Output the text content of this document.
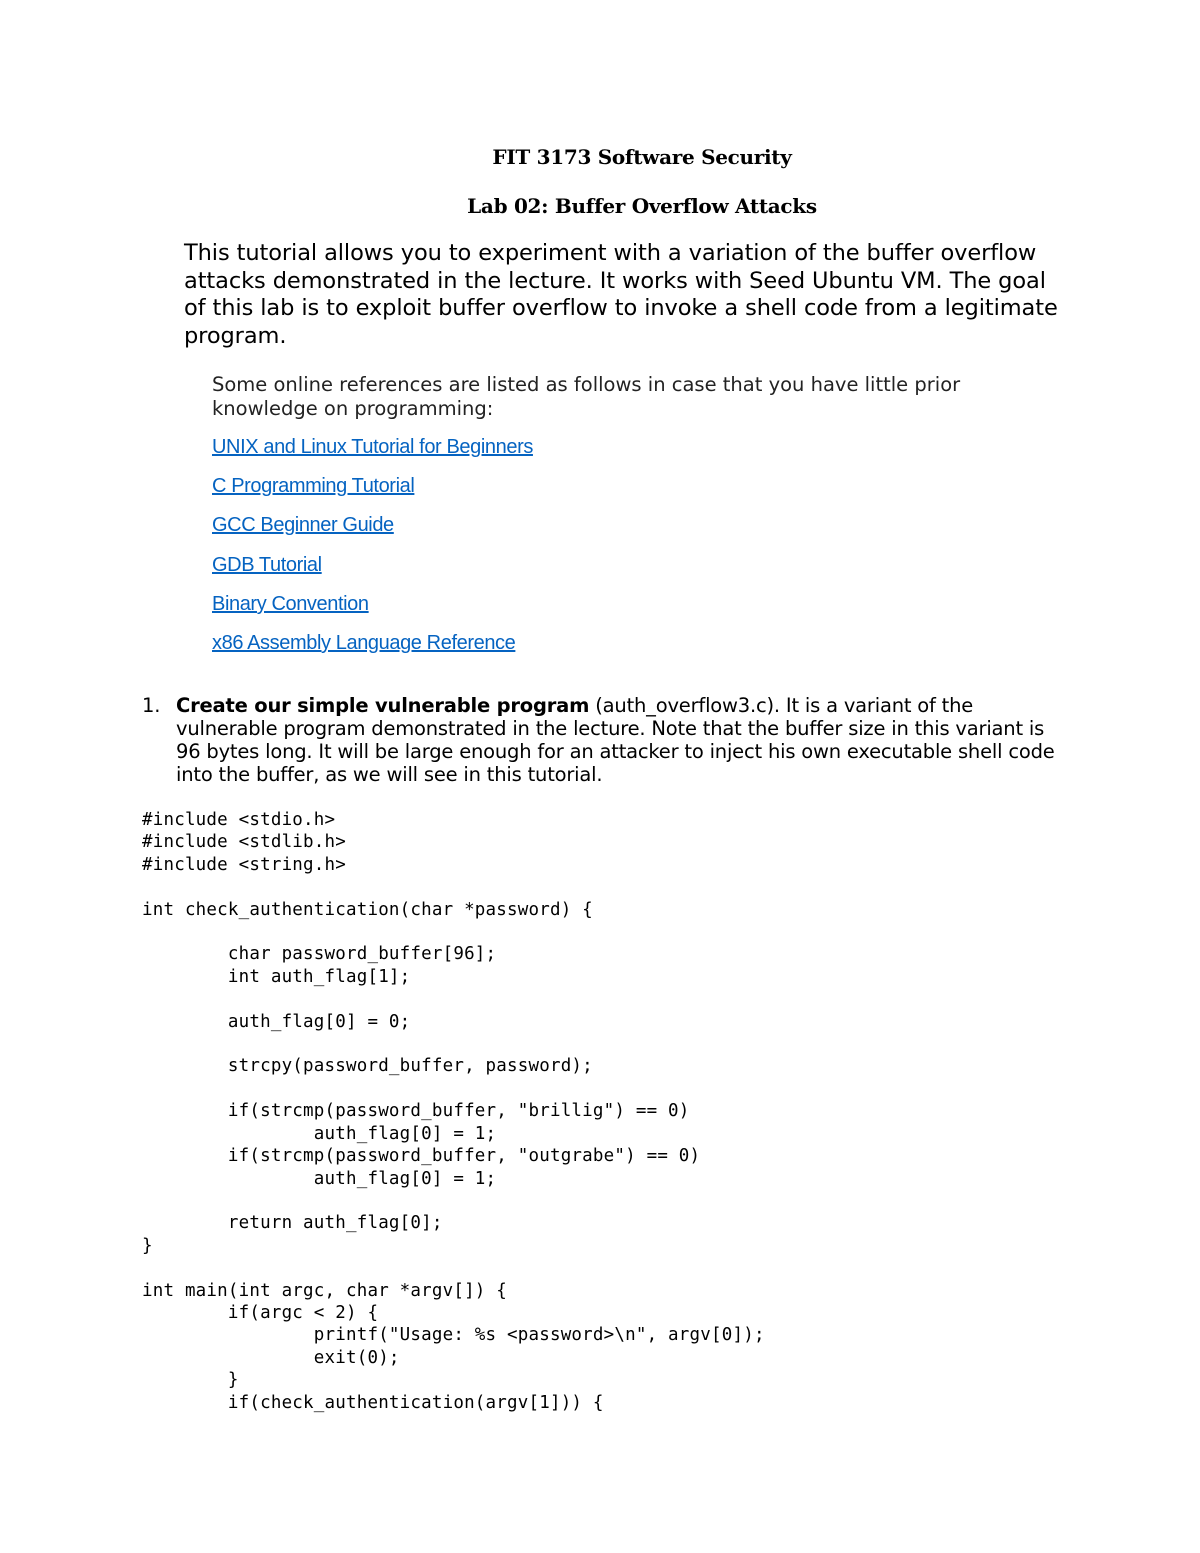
FIT 3173 Software Security
Lab 02: Buffer Overflow Attacks
This tutorial allows you to experiment with a variation of the buffer overflow attacks demonstrated in the lecture. It works with Seed Ubuntu VM. The goal of this lab is to exploit buffer overflow to invoke a shell code from a legitimate program.
Some online references are listed as follows in case that you have little prior knowledge on programming:
UNIX and Linux Tutorial for Beginners
C Programming Tutorial
GCC Beginner Guide
GDB Tutorial
Binary Convention
x86 Assembly Language Reference
1. Create our simple vulnerable program (auth_overflow3.c). It is a variant of the vulnerable program demonstrated in the lecture. Note that the buffer size in this variant is 96 bytes long. It will be large enough for an attacker to inject his own executable shell code into the buffer, as we will see in this tutorial.
#include <stdio.h>
#include <stdlib.h>
#include <string.h>

int check_authentication(char *password) {

char password_buffer[96];
int auth_flag[1];

auth_flag[0] = 0;

strcpy(password_buffer, password);

if(strcmp(password_buffer, "brillig") == 0)
auth_flag[0] = 1;
if(strcmp(password_buffer, "outgrabe") == 0)
auth_flag[0] = 1;

return auth_flag[0];
}

int main(int argc, char *argv[]) {
if(argc < 2) {
printf("Usage: %s <password>\n", argv[0]);
exit(0);
}
if(check_authentication(argv[1])) {
